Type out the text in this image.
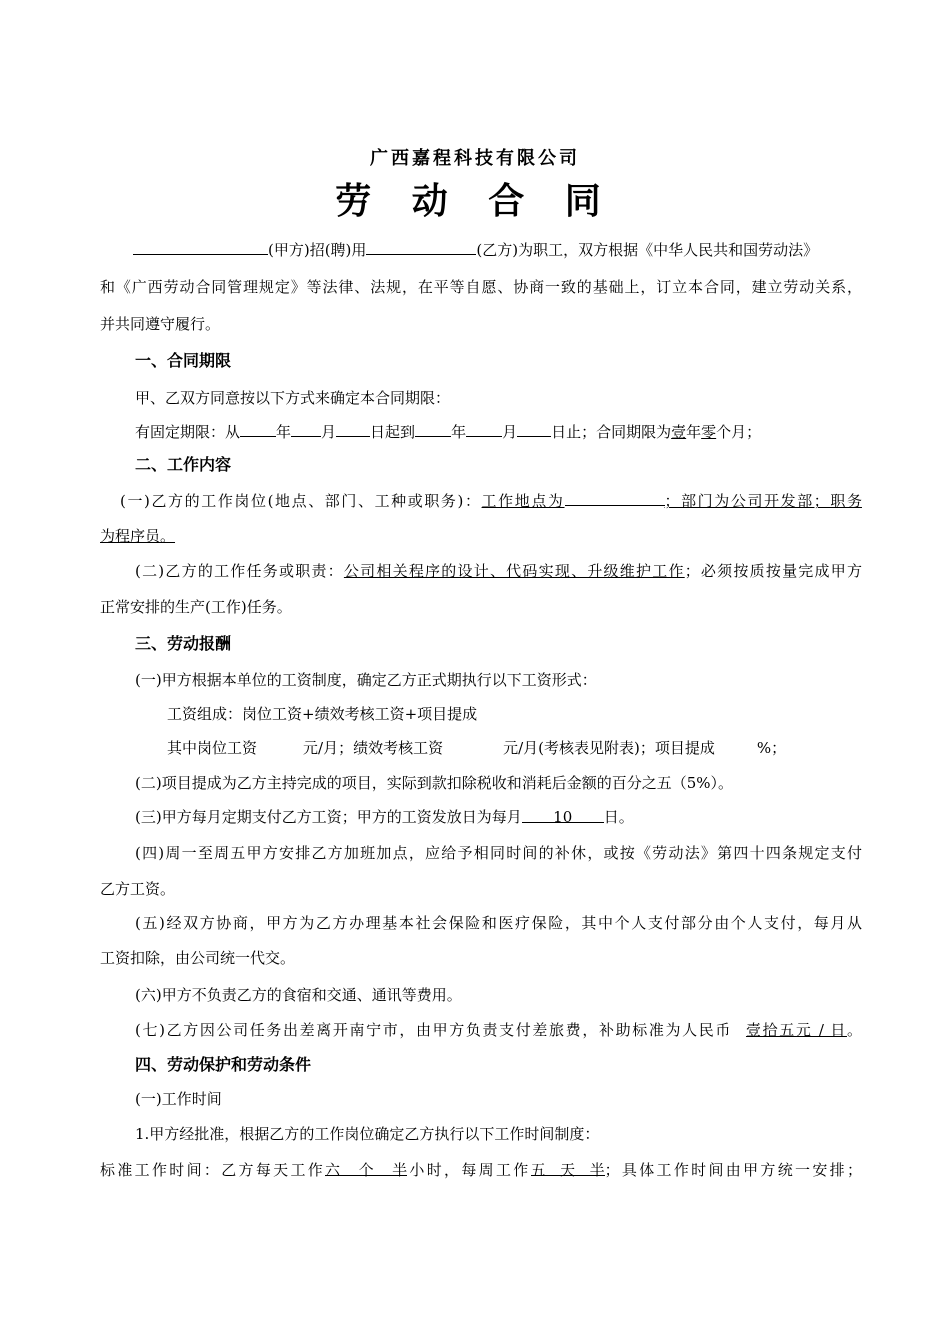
广西嘉程科技有限公司
劳 动 合 同
(甲方)招(聘)用	(乙方)为职工，双方根据《中华人民共和国劳动法》
和《广西劳动合同管理规定》等法律、法规，在平等自愿、协商一致的基础上，订立本合同，建立劳动关系，
并共同遵守履行。
一、合同期限
甲、乙双方同意按以下方式来确定本合同期限：
有固定期限：从 年 月 日起到 年 月 日止；合同期限为壹年零个月；
二、工作内容
(一)乙方的工作岗位(地点、部门、工种或职务)：工作地点为	；部门为公司开发部；职务
为程序员。
(二)乙方的工作任务或职责：公司相关程序的设计、代码实现、升级维护工作；必须按质按量完成甲方
正常安排的生产(工作)任务。
三、劳动报酬
(一)甲方根据本单位的工资制度，确定乙方正式期执行以下工资形式：
工资组成：岗位工资+绩效考核工资+项目提成
其中岗位工资	元/月；绩效考核工资	元/月(考核表见附表)；项目提成	%；
(二)项目提成为乙方主持完成的项目，实际到款扣除税收和消耗后金额的百分之五（5%）。
(三)甲方每月定期支付乙方工资；甲方的工资发放日为每月 10 日。
(四)周一至周五甲方安排乙方加班加点，应给予相同时间的补休，或按《劳动法》第四十四条规定支付
乙方工资。
(五)经双方协商，甲方为乙方办理基本社会保险和医疗保险，其中个人支付部分由个人支付，每月从
工资扣除，由公司统一代交。
(六)甲方不负责乙方的食宿和交通、通讯等费用。
(七)乙方因公司任务出差离开南宁市，由甲方负责支付差旅费，补助标准为人民币 壹拾五元 / 日。
四、劳动保护和劳动条件
(一)工作时间
1.甲方经批准，根据乙方的工作岗位确定乙方执行以下工作时间制度：
标准工作时间：乙方每天工作六个半小时，每周工作五天半；具体工作时间由甲方统一安排；
